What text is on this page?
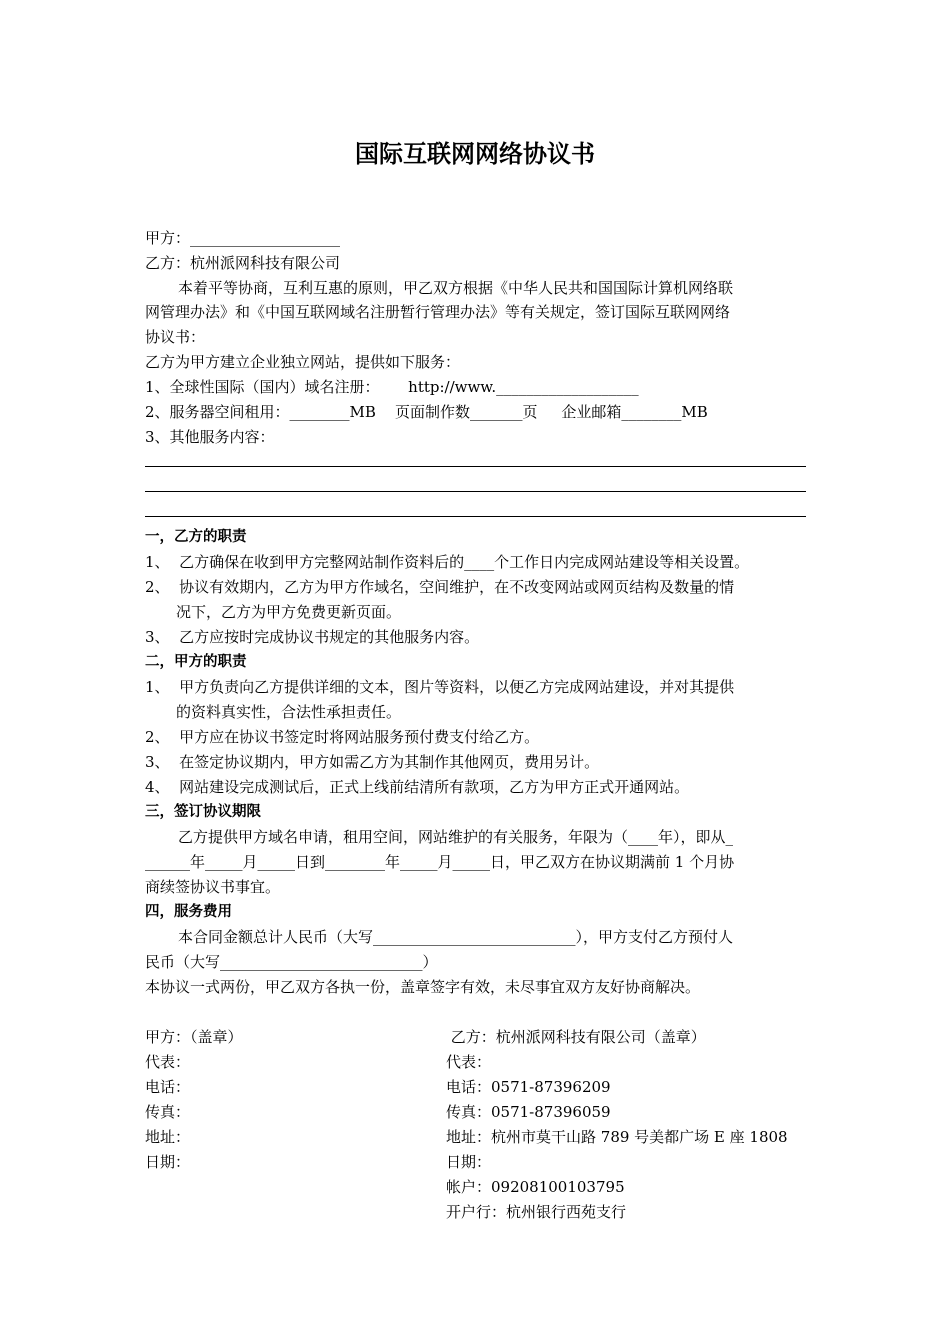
国际互联网网络协议书
甲方：____________________
乙方：杭州派网科技有限公司
本着平等协商，互利互惠的原则，甲乙双方根据《中华人民共和国国际计算机网络联
网管理办法》和《中国互联网域名注册暂行管理办法》等有关规定，签订国际互联网网络
协议书：
乙方为甲方建立企业独立网站，提供如下服务：
1、全球性国际（国内）域名注册：      http://www.___________________
2、服务器空间租用：________MB    页面制作数_______页     企业邮箱________MB
3、其他服务内容：
一，乙方的职责
1、  乙方确保在收到甲方完整网站制作资料后的____个工作日内完成网站建设等相关设置。
2、  协议有效期内，乙方为甲方作域名，空间维护，在不改变网站或网页结构及数量的情
况下，乙方为甲方免费更新页面。
3、  乙方应按时完成协议书规定的其他服务内容。
二，甲方的职责
1、  甲方负责向乙方提供详细的文本，图片等资料，以便乙方完成网站建设，并对其提供
的资料真实性，合法性承担责任。
2、  甲方应在协议书签定时将网站服务预付费支付给乙方。
3、  在签定协议期内，甲方如需乙方为其制作其他网页，费用另计。
4、  网站建设完成测试后，正式上线前结清所有款项，乙方为甲方正式开通网站。
三，签订协议期限
乙方提供甲方域名申请，租用空间，网站维护的有关服务，年限为（____年），即从_
______年_____月_____日到________年_____月_____日，甲乙双方在协议期满前 1 个月协
商续签协议书事宜。
四，服务费用
本合同金额总计人民币（大写___________________________），甲方支付乙方预付人
民币（大写___________________________）
本协议一式两份，甲乙双方各执一份，盖章签字有效，未尽事宜双方友好协商解决。
甲方：（盖章）
代表：
电话：
传真：
地址：
日期：
乙方：杭州派网科技有限公司（盖章）
代表：
电话：0571-87396209
传真：0571-87396059
地址：杭州市莫干山路 789 号美都广场 E 座 1808
日期：
帐户：09208100103795
开户行：杭州银行西苑支行
